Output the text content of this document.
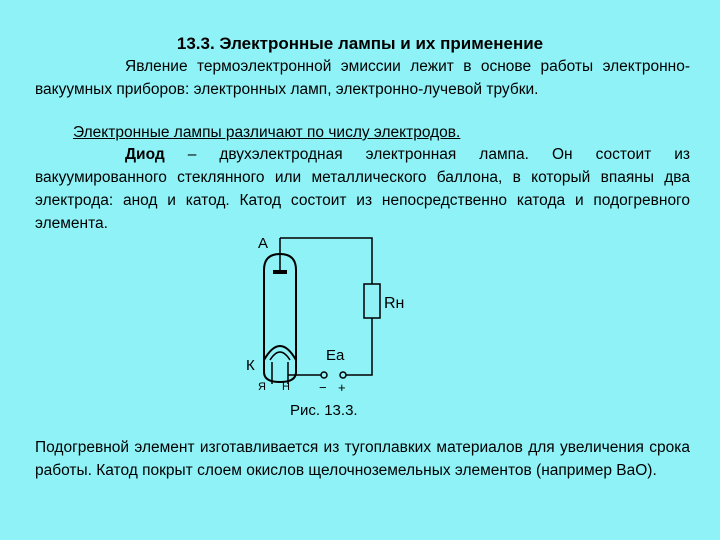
13.3. Электронные лампы и их применение
Явление термоэлектронной эмиссии лежит в основе работы электронно-вакуумных приборов: электронных ламп, электронно-лучевой трубки.
Электронные лампы различают по числу электродов.
Диод – двухэлектродная электронная лампа. Он состоит из вакуумированного стеклянного или металлического баллона, в который впаяны два электрода: анод и катод. Катод состоит из непосредственно катода и подогревного элемента.
А
К
Я Н
Rн
Еа
− +
Рис. 13.3.
Подогревной элемент изготавливается из тугоплавких материалов для увеличения срока работы. Катод покрыт слоем окислов щелочноземельных элементов (например BaO).
